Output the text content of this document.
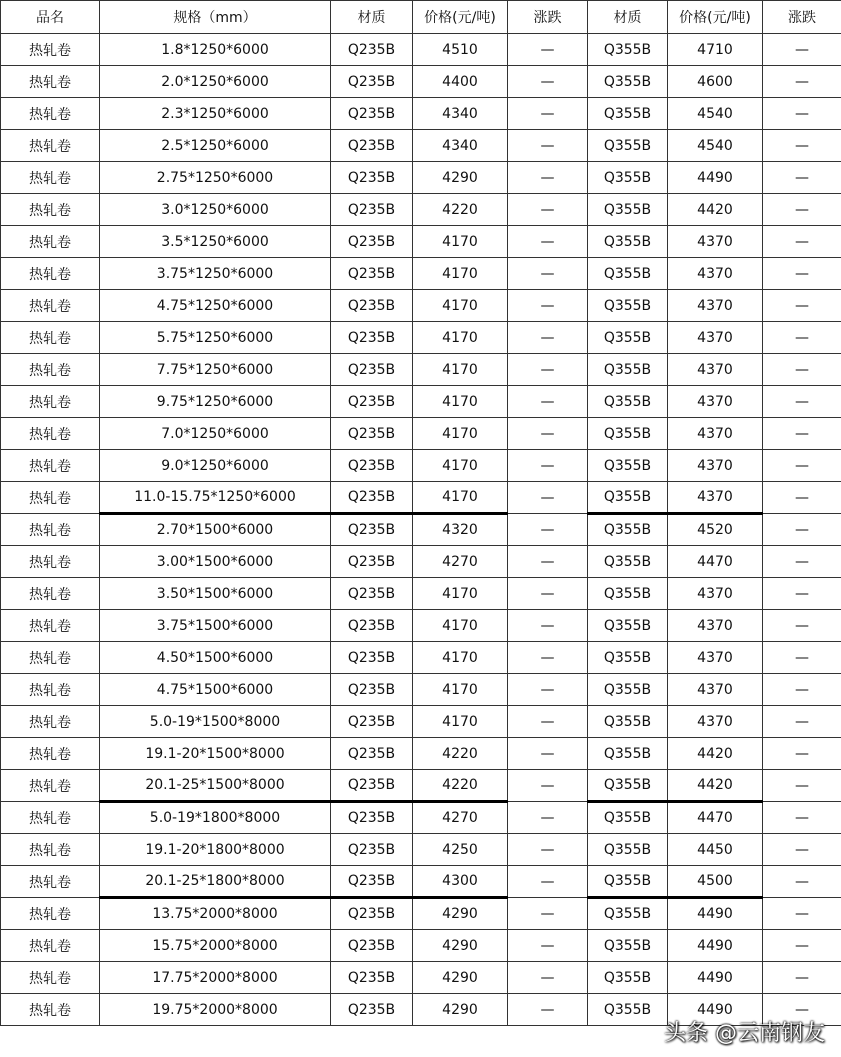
品名	规格（mm）	材质	价格(元/吨)	涨跌	材质	价格(元/吨)	涨跌
热轧卷	1.8*1250*6000	Q235B	4510	—	Q355B	4710	—
热轧卷	2.0*1250*6000	Q235B	4400	—	Q355B	4600	—
热轧卷	2.3*1250*6000	Q235B	4340	—	Q355B	4540	—
热轧卷	2.5*1250*6000	Q235B	4340	—	Q355B	4540	—
热轧卷	2.75*1250*6000	Q235B	4290	—	Q355B	4490	—
热轧卷	3.0*1250*6000	Q235B	4220	—	Q355B	4420	—
热轧卷	3.5*1250*6000	Q235B	4170	—	Q355B	4370	—
热轧卷	3.75*1250*6000	Q235B	4170	—	Q355B	4370	—
热轧卷	4.75*1250*6000	Q235B	4170	—	Q355B	4370	—
热轧卷	5.75*1250*6000	Q235B	4170	—	Q355B	4370	—
热轧卷	7.75*1250*6000	Q235B	4170	—	Q355B	4370	—
热轧卷	9.75*1250*6000	Q235B	4170	—	Q355B	4370	—
热轧卷	7.0*1250*6000	Q235B	4170	—	Q355B	4370	—
热轧卷	9.0*1250*6000	Q235B	4170	—	Q355B	4370	—
热轧卷	11.0-15.75*1250*6000	Q235B	4170	—	Q355B	4370	—
热轧卷	2.70*1500*6000	Q235B	4320	—	Q355B	4520	—
热轧卷	3.00*1500*6000	Q235B	4270	—	Q355B	4470	—
热轧卷	3.50*1500*6000	Q235B	4170	—	Q355B	4370	—
热轧卷	3.75*1500*6000	Q235B	4170	—	Q355B	4370	—
热轧卷	4.50*1500*6000	Q235B	4170	—	Q355B	4370	—
热轧卷	4.75*1500*6000	Q235B	4170	—	Q355B	4370	—
热轧卷	5.0-19*1500*8000	Q235B	4170	—	Q355B	4370	—
热轧卷	19.1-20*1500*8000	Q235B	4220	—	Q355B	4420	—
热轧卷	20.1-25*1500*8000	Q235B	4220	—	Q355B	4420	—
热轧卷	5.0-19*1800*8000	Q235B	4270	—	Q355B	4470	—
热轧卷	19.1-20*1800*8000	Q235B	4250	—	Q355B	4450	—
热轧卷	20.1-25*1800*8000	Q235B	4300	—	Q355B	4500	—
热轧卷	13.75*2000*8000	Q235B	4290	—	Q355B	4490	—
热轧卷	15.75*2000*8000	Q235B	4290	—	Q355B	4490	—
热轧卷	17.75*2000*8000	Q235B	4290	—	Q355B	4490	—
热轧卷	19.75*2000*8000	Q235B	4290	—	Q355B	4490	—
头条 @云南钢友
